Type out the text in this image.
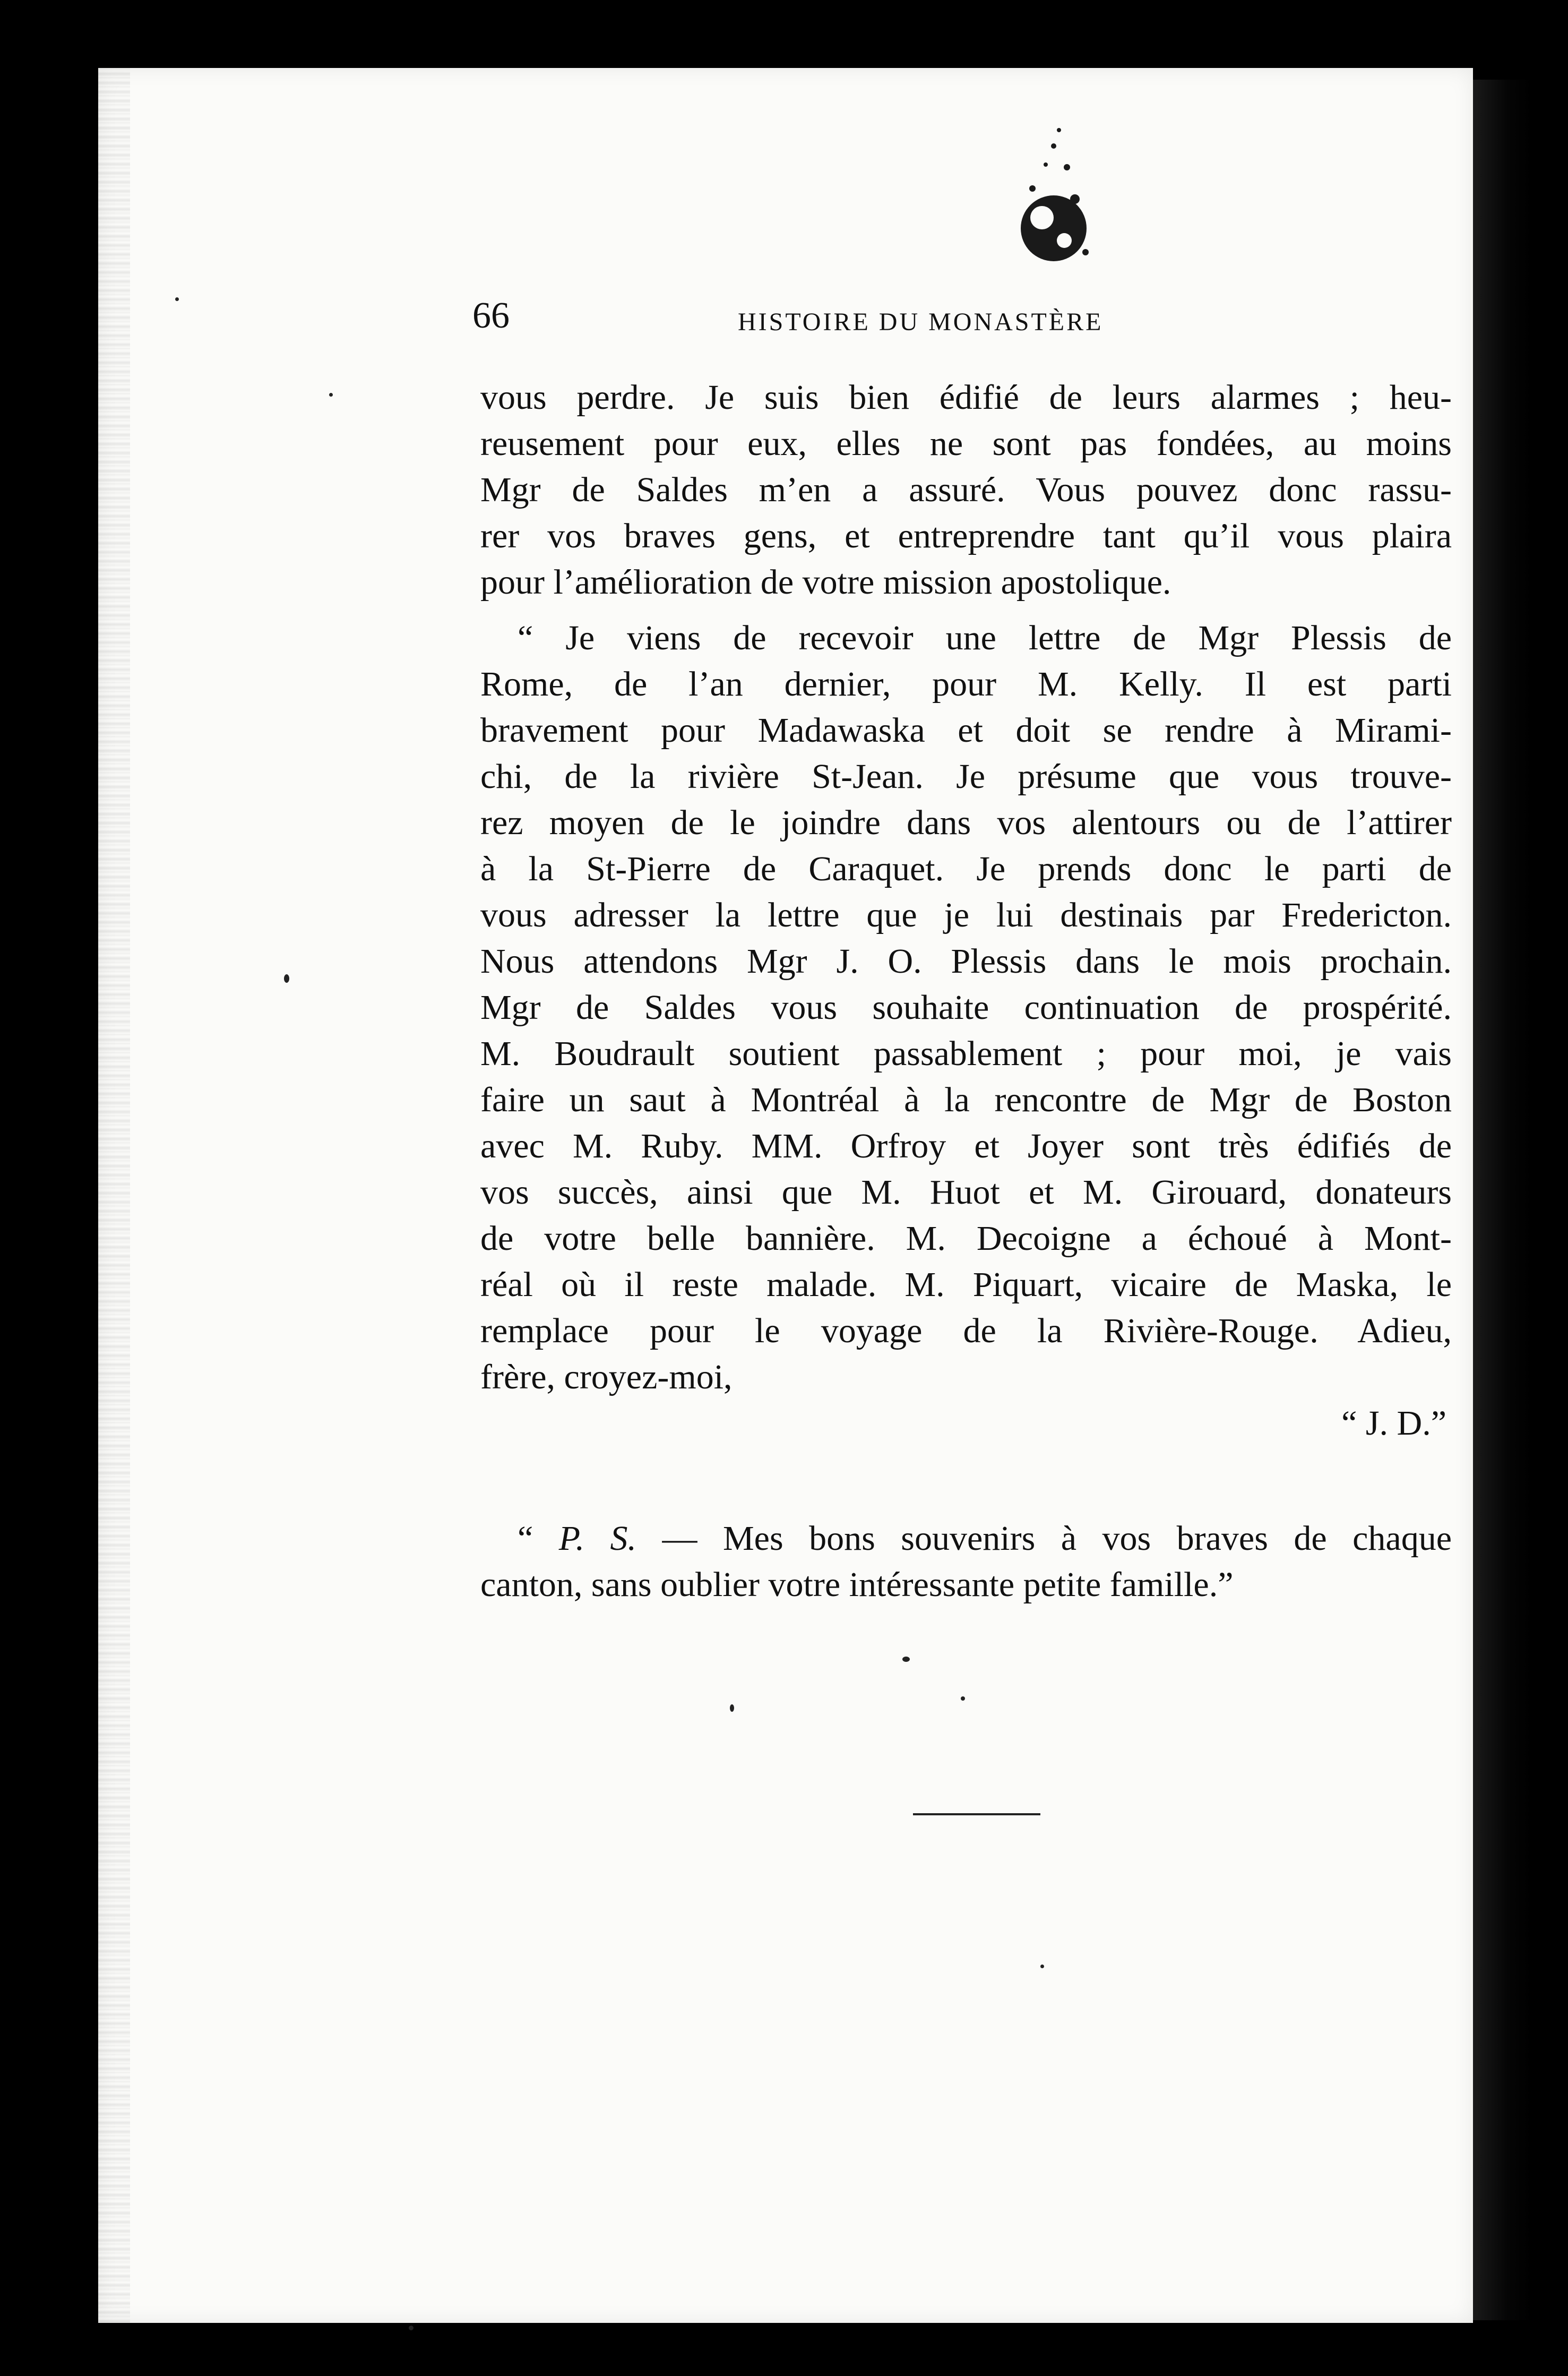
66	HISTOIRE DU MONASTÈRE
vous perdre. Je suis bien édifié de leurs alarmes ; heu-
reusement pour eux, elles ne sont pas fondées, au moins
Mgr de Saldes m’en a assuré. Vous pouvez donc rassu-
rer vos braves gens, et entreprendre tant qu’il vous plaira
pour l’amélioration de votre mission apostolique.
“ Je viens de recevoir une lettre de Mgr Plessis de
Rome, de l’an dernier, pour M. Kelly. Il est parti
bravement pour Madawaska et doit se rendre à Mirami-
chi, de la rivière St-Jean. Je présume que vous trouve-
rez moyen de le joindre dans vos alentours ou de l’attirer
à la St-Pierre de Caraquet. Je prends donc le parti de
vous adresser la lettre que je lui destinais par Fredericton.
Nous attendons Mgr J. O. Plessis dans le mois prochain.
Mgr de Saldes vous souhaite continuation de prospérité.
M. Boudrault soutient passablement ; pour moi, je vais
faire un saut à Montréal à la rencontre de Mgr de Boston
avec M. Ruby. MM. Orfroy et Joyer sont très édifiés de
vos succès, ainsi que M. Huot et M. Girouard, donateurs
de votre belle bannière. M. Decoigne a échoué à Mont-
réal où il reste malade. M. Piquart, vicaire de Maska, le
remplace pour le voyage de la Rivière-Rouge. Adieu,
frère, croyez-moi,
“ J. D.”
“ P. S. — Mes bons souvenirs à vos braves de chaque
canton, sans oublier votre intéressante petite famille.”
